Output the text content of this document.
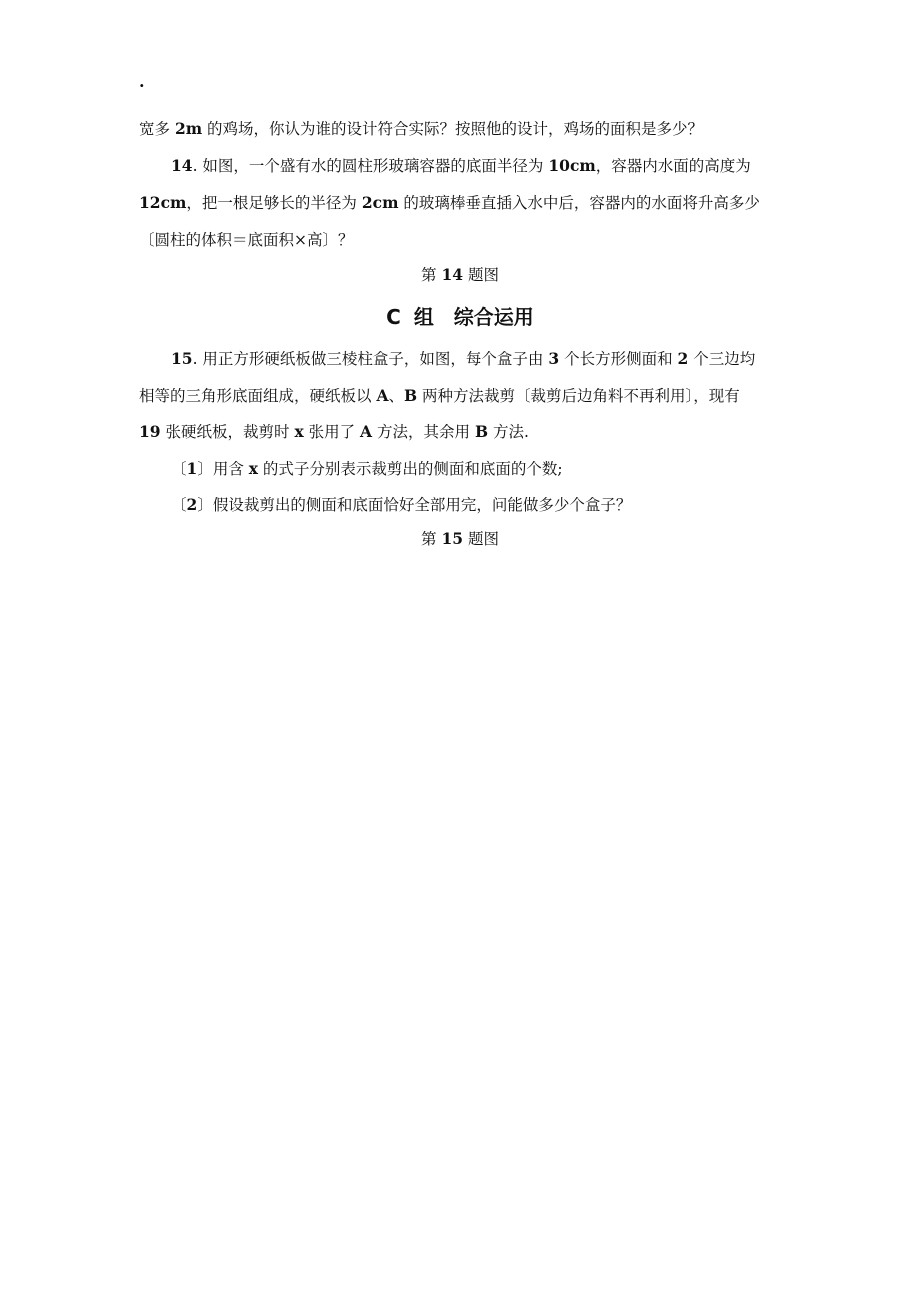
.
宽多 2m 的鸡场，你认为谁的设计符合实际？按照他的设计，鸡场的面积是多少？
14. 如图，一个盛有水的圆柱形玻璃容器的底面半径为 10cm，容器内水面的高度为
12cm，把一根足够长的半径为 2cm 的玻璃棒垂直插入水中后，容器内的水面将升高多少
〔圆柱的体积＝底面积×高〕？
第 14 题图
C 组　综合运用
15. 用正方形硬纸板做三棱柱盒子，如图，每个盒子由 3 个长方形侧面和 2 个三边均
相等的三角形底面组成，硬纸板以 A、B 两种方法裁剪〔裁剪后边角料不再利用〕，现有
19 张硬纸板，裁剪时 x 张用了 A 方法，其余用 B 方法.
〔1〕用含 x 的式子分别表示裁剪出的侧面和底面的个数;
〔2〕假设裁剪出的侧面和底面恰好全部用完，问能做多少个盒子？
第 15 题图
